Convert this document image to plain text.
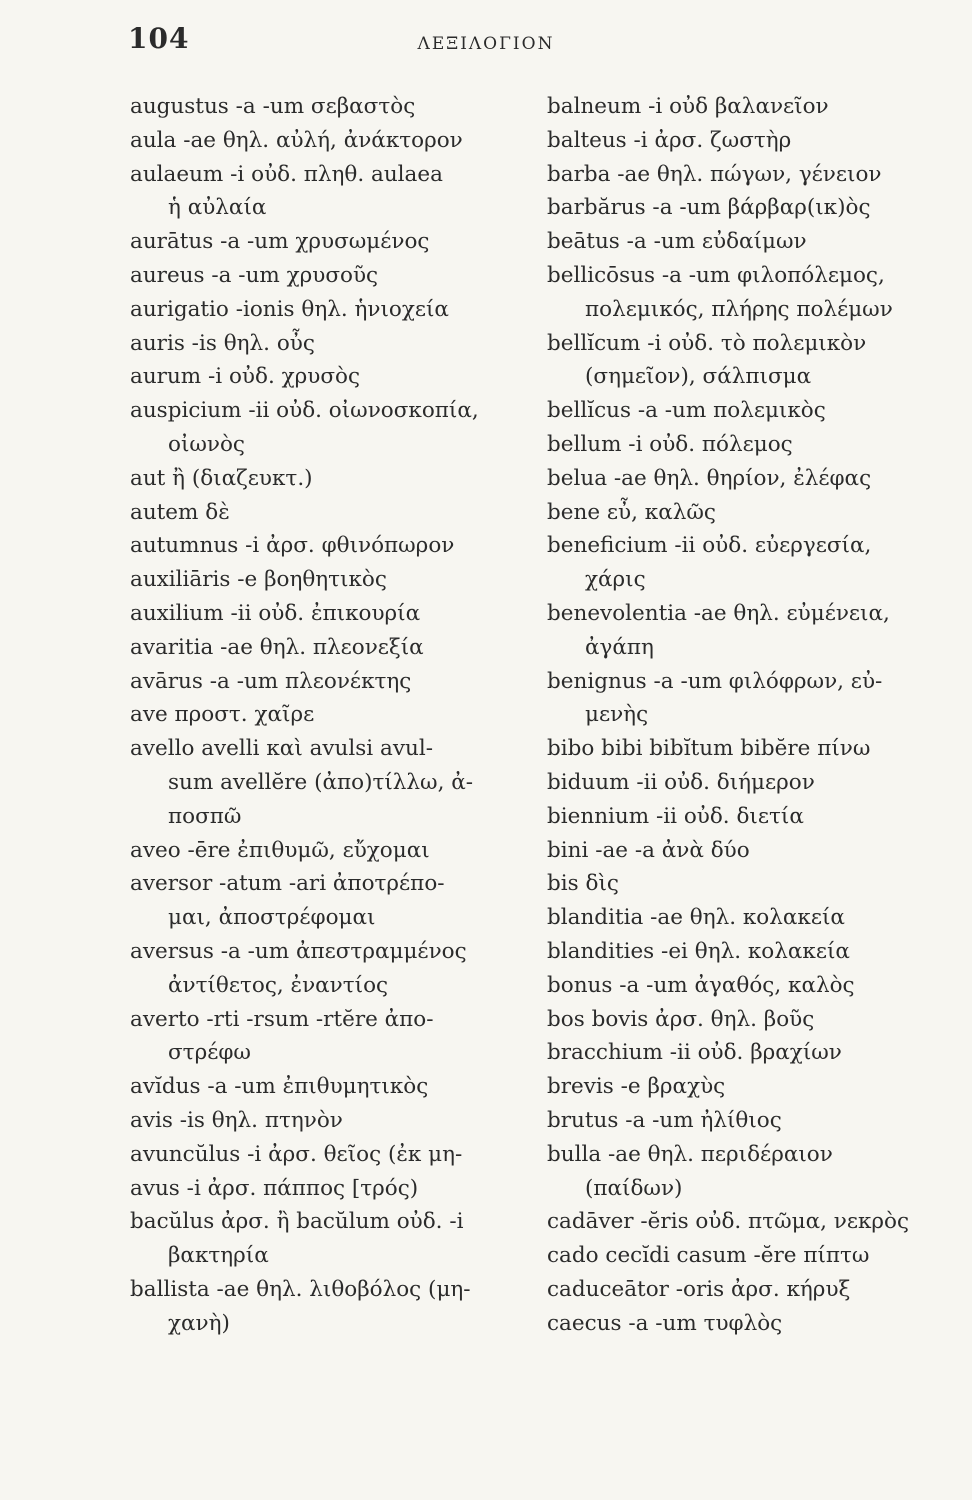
104	ΛΕΞΙΛΟΓΙΟΝ
augustus -a -um σεβαστὸς
aula -ae θηλ. αὐλή, ἀνάκτορον
aulaeum -i οὐδ. πληθ. aulaea
ἡ αὐλαία
aurātus -a -um χρυσωμένος
aureus -a -um χρυσοῦς
aurigatio -ionis θηλ. ἡνιοχεία
auris -is θηλ. οὖς
aurum -i οὐδ. χρυσὸς
auspicium -ii οὐδ. οἰωνοσκοπία,
οἰωνὸς
aut ἢ (διαζευκτ.)
autem δὲ
autumnus -i ἀρσ. φθινόπωρον
auxiliāris -e βοηθητικὸς
auxilium -ii οὐδ. ἐπικουρία
avaritia -ae θηλ. πλεονεξία
avārus -a -um πλεονέκτης
ave προστ. χαῖρε
avello avelli καὶ avulsi avul-
sum avellĕre (ἀπο)τίλλω, ἀ-
ποσπῶ
aveo -ēre ἐπιθυμῶ, εὔχομαι
aversor -atum -ari ἀποτρέπο-
μαι, ἀποστρέφομαι
aversus -a -um ἀπεστραμμένος
ἀντίθετος, ἐναντίος
averto -rti -rsum -rtĕre ἀπο-
στρέφω
avĭdus -a -um ἐπιθυμητικὸς
avis -is θηλ. πτηνὸν
avuncŭlus -i ἀρσ. θεῖος (ἐκ μη-
avus -i ἀρσ. πάππος [τρός)
bacŭlus ἀρσ. ἢ bacŭlum οὐδ. -i
βακτηρία
ballista -ae θηλ. λιθοβόλος (μη-
χανὴ)
balneum -i οὐδ βαλανεῖον
balteus -i ἀρσ. ζωστὴρ
barba -ae θηλ. πώγων, γένειον
barbărus -a -um βάρβαρ(ικ)ὸς
beātus -a -um εὐδαίμων
bellicōsus -a -um φιλοπόλεμος,
πολεμικός, πλήρης πολέμων
bellĭcum -i οὐδ. τὸ πολεμικὸν
(σημεῖον), σάλπισμα
bellĭcus -a -um πολεμικὸς
bellum -i οὐδ. πόλεμος
belua -ae θηλ. θηρίον, ἐλέφας
bene εὖ, καλῶς
beneficium -ii οὐδ. εὐεργεσία,
χάρις
benevolentia -ae θηλ. εὐμένεια,
ἀγάπη
benignus -a -um φιλόφρων, εὐ-
μενὴς
bibo bibi bibĭtum bibĕre πίνω
biduum -ii οὐδ. διήμερον
biennium -ii οὐδ. διετία
bini -ae -a ἀνὰ δύο
bis δὶς
blanditia -ae θηλ. κολακεία
blandities -ei θηλ. κολακεία
bonus -a -um ἀγαθός, καλὸς
bos bovis ἀρσ. θηλ. βοῦς
bracchium -ii οὐδ. βραχίων
brevis -e βραχὺς
brutus -a -um ἠλίθιος
bulla -ae θηλ. περιδέραιον
(παίδων)
cadāver -ĕris οὐδ. πτῶμα, νεκρὸς
cado cecĭdi casum -ĕre πίπτω
caduceātor -oris ἀρσ. κήρυξ
caecus -a -um τυφλὸς
